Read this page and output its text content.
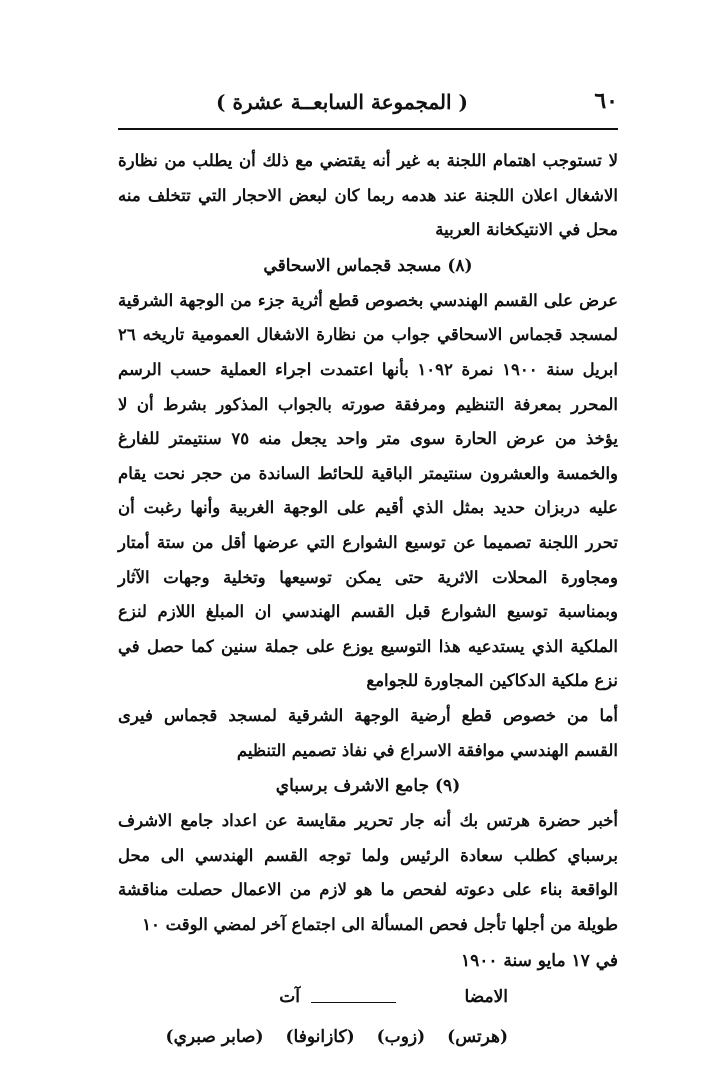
٦٠
( المجموعة السابعــة عشرة )

لا تستوجب اهتمام اللجنة به غير أنه يقتضي مع ذلك أن يطلب من نظارة الاشغال اعلان اللجنة عند هدمه ربما كان لبعض الاحجار التي تتخلف منه محل في الانتيكخانة العربية

(٨) مسجد قجماس الاسحاقي

عرض على القسم الهندسي بخصوص قطع أثرية جزء من الوجهة الشرقية لمسجد قجماس الاسحاقي جواب من نظارة الاشغال العمومية تاريخه ٢٦ ابريل سنة ١٩٠٠ نمرة ١٠٩٢ بأنها اعتمدت اجراء العملية حسب الرسم المحرر بمعرفة التنظيم ومرفقة صورته بالجواب المذكور بشرط أن لا يؤخذ من عرض الحارة سوى متر واحد يجعل منه ٧٥ سنتيمتر للفارغ والخمسة والعشرون سنتيمتر الباقية للحائط الساندة من حجر نحت يقام عليه دربزان حديد بمثل الذي أقيم على الوجهة الغربية وأنها رغبت أن تحرر اللجنة تصميما عن توسيع الشوارع التي عرضها أقل من ستة أمتار ومجاورة المحلات الاثرية حتى يمكن توسيعها وتخلية وجهات الآثار وبمناسبة توسيع الشوارع قبل القسم الهندسي ان المبلغ اللازم لنزع الملكية الذي يستدعيه هذا التوسيع يوزع على جملة سنين كما حصل في نزع ملكية الدكاكين المجاورة للجوامع

أما من خصوص قطع أرضية الوجهة الشرقية لمسجد قجماس فيرى القسم الهندسي موافقة الاسراع في نفاذ تصميم التنظيم

(٩) جامع الاشرف برسباي

أخبر حضرة هرتس بك أنه جار تحرير مقايسة عن اعداد جامع الاشرف برسباي كطلب سعادة الرئيس ولما توجه القسم الهندسي الى محل الواقعة بناء على دعوته لفحص ما هو لازم من الاعمال حصلت مناقشة طويلة من أجلها تأجل فحص المسألة الى اجتماع آخر لمضي الوقت ١٠

في ١٧ مايو سنة ١٩٠٠

الامضا
آت
(هرتس)
(زوب)
(كازانوفا)
(صابر صبري)
